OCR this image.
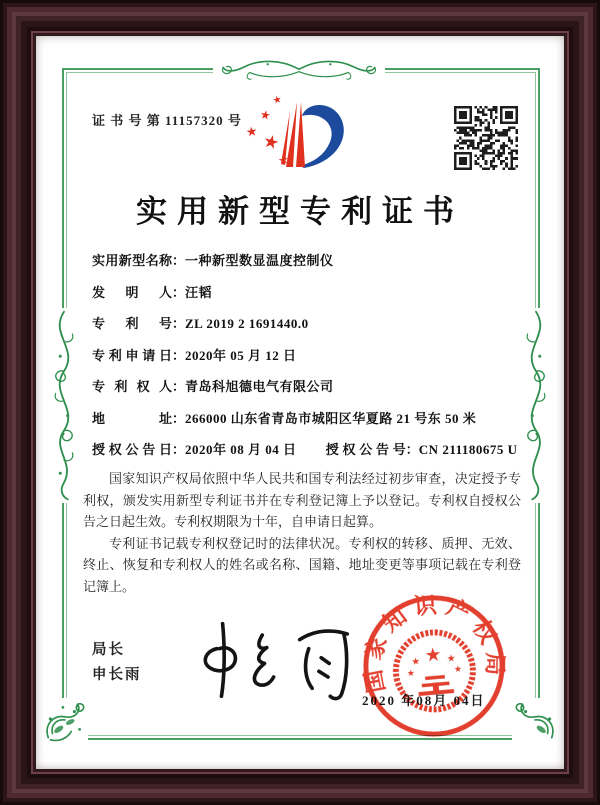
证 书 号 第 11157320 号
★
★
★ ★
★
实用新型专利证书
实用新型名称：一种新型数显温度控制仪
发明人：汪韬
专利号：ZL 2019 2 1691440.0
专利申请日：2020年 05 月 12 日
专利权人：青岛科旭德电气有限公司
地址：266000 山东省青岛市城阳区华夏路 21 号东 50 米
授权公告日：2020年 08 月 04 日 授权公告号：CN 211180675 U

国家知识产权局依照中华人民共和国专利法经过初步审查，决定授予专利权，颁发实用新型专利证书并在专利登记簿上予以登记。专利权自授权公告之日起生效。专利权期限为十年，自申请日起算。

专利证书记载专利权登记时的法律状况。专利权的转移、质押、无效、终止、恢复和专利权人的姓名或名称、国籍、地址变更等事项记载在专利登记簿上。

局长
申长雨
2020 年08月 04日
国家知识产权局
★
★	★
★	★
